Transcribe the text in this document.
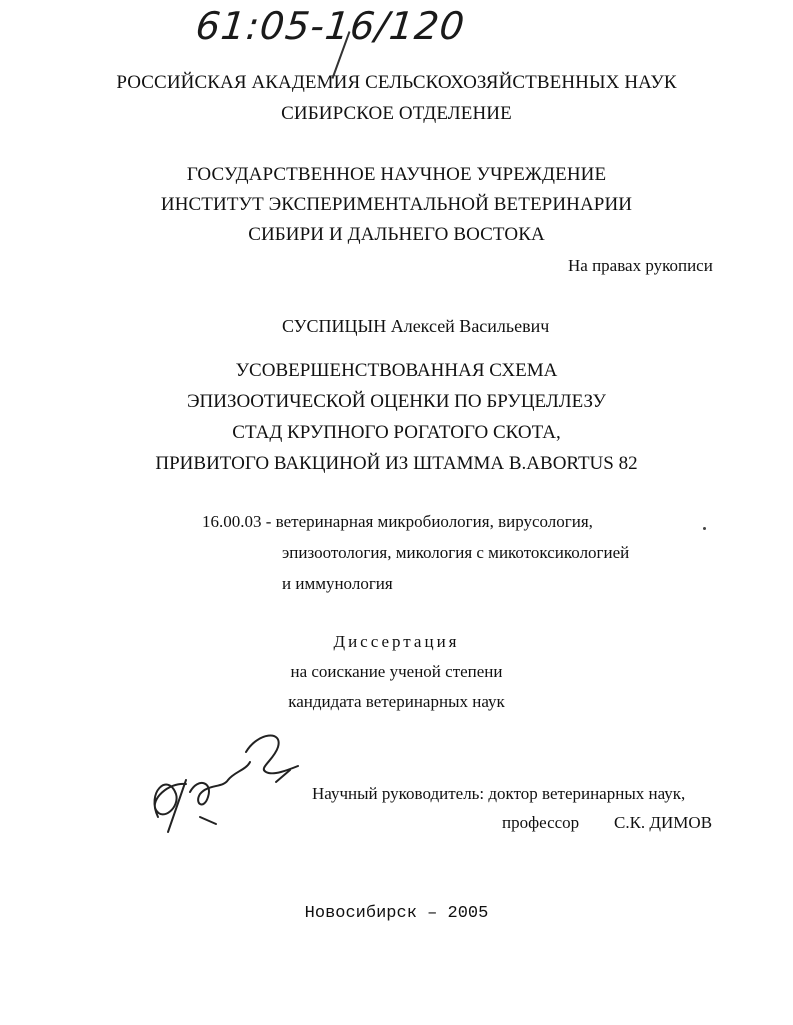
61:05-16/120
РОССИЙСКАЯ АКАДЕМИЯ СЕЛЬСКОХОЗЯЙСТВЕННЫХ НАУК
СИБИРСКОЕ ОТДЕЛЕНИЕ
ГОСУДАРСТВЕННОЕ НАУЧНОЕ УЧРЕЖДЕНИЕ
ИНСТИТУТ ЭКСПЕРИМЕНТАЛЬНОЙ ВЕТЕРИНАРИИ
СИБИРИ И ДАЛЬНЕГО ВОСТОКА
На правах рукописи
СУСПИЦЫН Алексей Васильевич
УСОВЕРШЕНСТВОВАННАЯ СХЕМА
ЭПИЗООТИЧЕСКОЙ ОЦЕНКИ ПО БРУЦЕЛЛЕЗУ
СТАД КРУПНОГО РОГАТОГО СКОТА,
ПРИВИТОГО ВАКЦИНОЙ ИЗ ШТАММА B.ABORTUS 82
16.00.03 - ветеринарная микробиология, вирусология,
эпизоотология, микология с микотоксикологией
и иммунология
Диссертация
на соискание ученой степени
кандидата ветеринарных наук
Научный руководитель: доктор ветеринарных наук,
профессор С.К. ДИМОВ
Новосибирск – 2005
